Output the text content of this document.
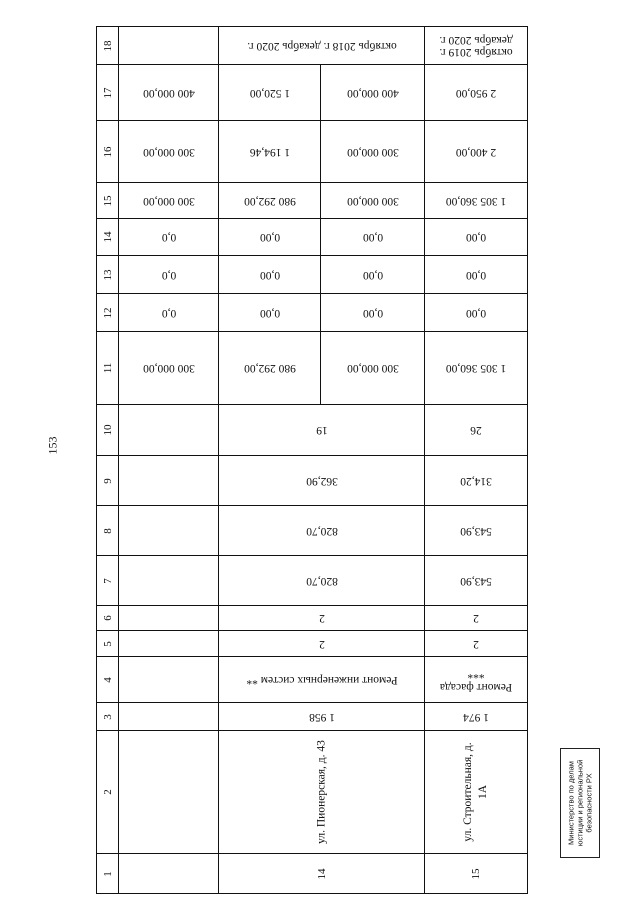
153
18		октябрь 2018 г. декабрь 2020 г.		октябрь 2019 г. декабрь 2020 г.

17	400 000,00	1 520,00	400 000,00	2 950,00

16	300 000,00	1 194,46	300 000,00	2 400,00

15	300 000,00	980 292,00	300 000,00	1 305 360,00

14	0,0	0,00	0,00	0,00

13	0,0	0,00	0,00	0,00

12	0,0	0,00	0,00	0,00

11	300 000,00	980 292,00	300 000,00	1 305 360,00

10		19		26

9		362,90		314,20

8		820,70		543,90

7		820,70		543,90

6		2		2

5		2		2

4		Ремонт инженерных систем **		Ремонт фасада ***

3		1 958		1 974

2		ул. Пионерская, д. 43		ул. Строительная, д. 1А

1		14		15
Министерство по делам юстиции и региональной безопасности РХ
